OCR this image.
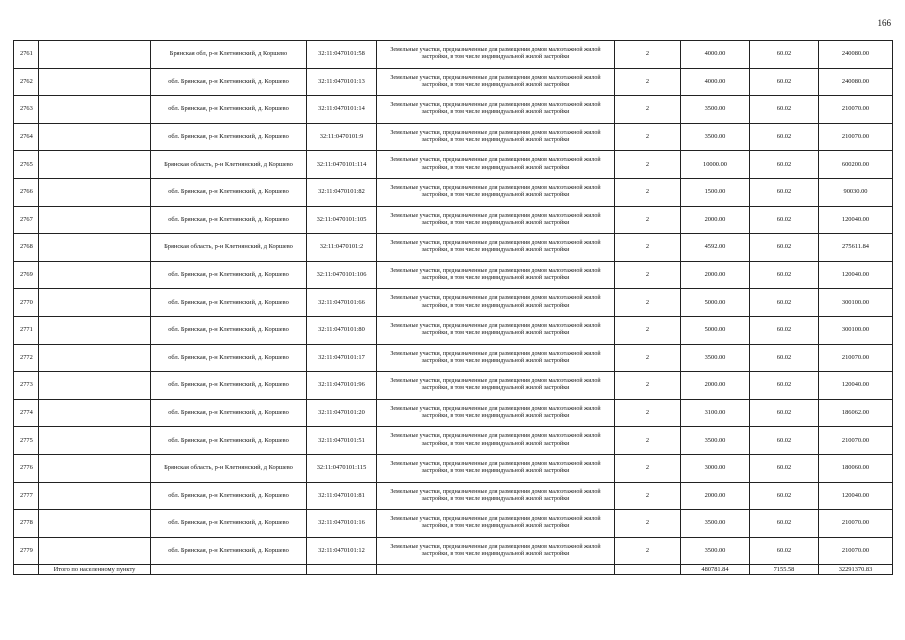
166
2761		Брянская обл, р-н Клетнянский, д Коршево	32:11:0470101:58	Земельные участки, предназначенные для размещения домов малоэтажной жилой застройки, в том числе индивидуальной жилой застройки	2	4000.00	60.02	240080.00
2762		обл. Брянская, р-н Клетнянский, д. Коршево	32:11:0470101:13	Земельные участки, предназначенные для размещения домов малоэтажной жилой застройки, в том числе индивидуальной жилой застройки	2	4000.00	60.02	240080.00
2763		обл. Брянская, р-н Клетнянский, д. Коршево	32:11:0470101:14	Земельные участки, предназначенные для размещения домов малоэтажной жилой застройки, в том числе индивидуальной жилой застройки	2	3500.00	60.02	210070.00
2764		обл. Брянская, р-н Клетнянский, д. Коршево	32:11:0470101:9	Земельные участки, предназначенные для размещения домов малоэтажной жилой застройки, в том числе индивидуальной жилой застройки	2	3500.00	60.02	210070.00
2765		Брянская область, р-н Клетнянский, д Коршево	32:11:0470101:114	Земельные участки, предназначенные для размещения домов малоэтажной жилой застройки, в том числе индивидуальной жилой застройки	2	10000.00	60.02	600200.00
2766		обл. Брянская, р-н Клетнянский, д. Коршево	32:11:0470101:82	Земельные участки, предназначенные для размещения домов малоэтажной жилой застройки, в том числе индивидуальной жилой застройки	2	1500.00	60.02	90030.00
2767		обл. Брянская, р-н Клетнянский, д. Коршево	32:11:0470101:105	Земельные участки, предназначенные для размещения домов малоэтажной жилой застройки, в том числе индивидуальной жилой застройки	2	2000.00	60.02	120040.00
2768		Брянская область, р-н Клетнянский, д Коршево	32:11:0470101:2	Земельные участки, предназначенные для размещения домов малоэтажной жилой застройки, в том числе индивидуальной жилой застройки	2	4592.00	60.02	275611.84
2769		обл. Брянская, р-н Клетнянский, д. Коршево	32:11:0470101:106	Земельные участки, предназначенные для размещения домов малоэтажной жилой застройки, в том числе индивидуальной жилой застройки	2	2000.00	60.02	120040.00
2770		обл. Брянская, р-н Клетнянский, д. Коршево	32:11:0470101:66	Земельные участки, предназначенные для размещения домов малоэтажной жилой застройки, в том числе индивидуальной жилой застройки	2	5000.00	60.02	300100.00
2771		обл. Брянская, р-н Клетнянский, д. Коршево	32:11:0470101:80	Земельные участки, предназначенные для размещения домов малоэтажной жилой застройки, в том числе индивидуальной жилой застройки	2	5000.00	60.02	300100.00
2772		обл. Брянская, р-н Клетнянский, д. Коршево	32:11:0470101:17	Земельные участки, предназначенные для размещения домов малоэтажной жилой застройки, в том числе индивидуальной жилой застройки	2	3500.00	60.02	210070.00
2773		обл. Брянская, р-н Клетнянский, д. Коршево	32:11:0470101:96	Земельные участки, предназначенные для размещения домов малоэтажной жилой застройки, в том числе индивидуальной жилой застройки	2	2000.00	60.02	120040.00
2774		обл. Брянская, р-н Клетнянский, д. Коршево	32:11:0470101:20	Земельные участки, предназначенные для размещения домов малоэтажной жилой застройки, в том числе индивидуальной жилой застройки	2	3100.00	60.02	186062.00
2775		обл. Брянская, р-н Клетнянский, д. Коршево	32:11:0470101:51	Земельные участки, предназначенные для размещения домов малоэтажной жилой застройки, в том числе индивидуальной жилой застройки	2	3500.00	60.02	210070.00
2776		Брянская область, р-н Клетнянский, д Коршево	32:11:0470101:115	Земельные участки, предназначенные для размещения домов малоэтажной жилой застройки, в том числе индивидуальной жилой застройки	2	3000.00	60.02	180060.00
2777		обл. Брянская, р-н Клетнянский, д. Коршево	32:11:0470101:81	Земельные участки, предназначенные для размещения домов малоэтажной жилой застройки, в том числе индивидуальной жилой застройки	2	2000.00	60.02	120040.00
2778		обл. Брянская, р-н Клетнянский, д. Коршево	32:11:0470101:16	Земельные участки, предназначенные для размещения домов малоэтажной жилой застройки, в том числе индивидуальной жилой застройки	2	3500.00	60.02	210070.00
2779		обл. Брянская, р-н Клетнянский, д. Коршево	32:11:0470101:12	Земельные участки, предназначенные для размещения домов малоэтажной жилой застройки, в том числе индивидуальной жилой застройки	2	3500.00	60.02	210070.00
	Итого по населенному пункту					480781.84	7155.58	32291370.83
